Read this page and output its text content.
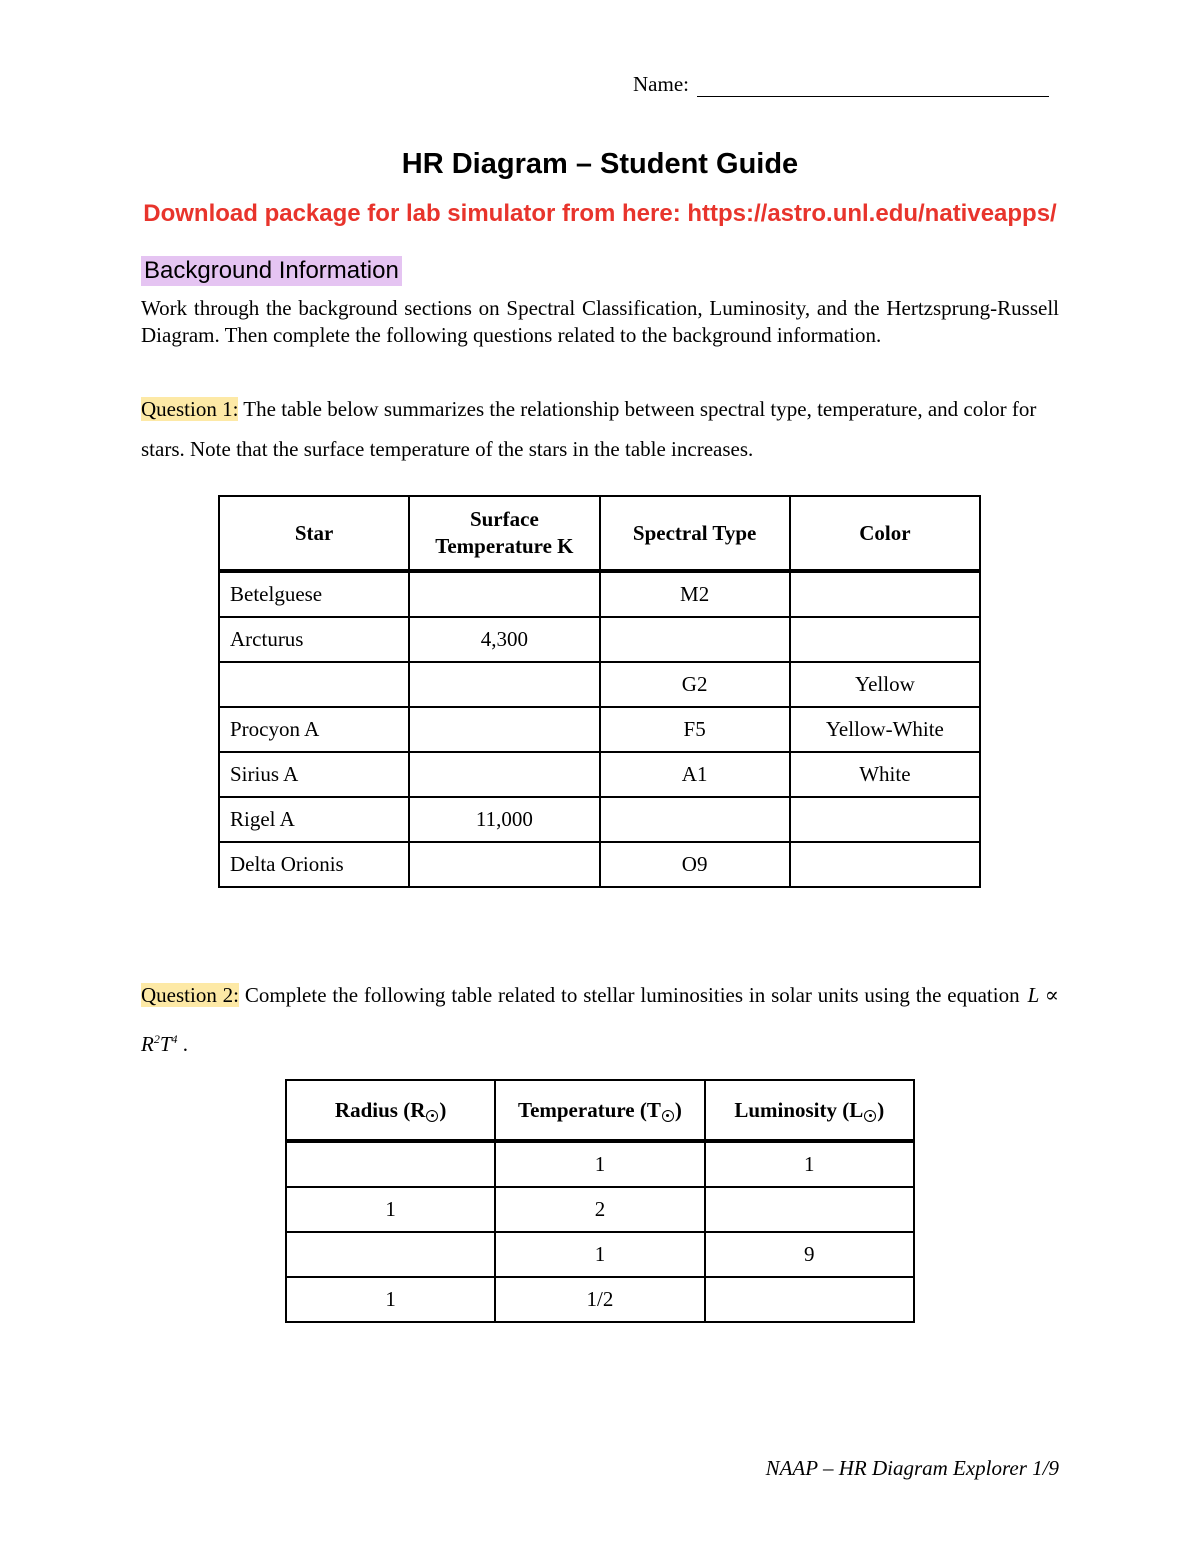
Name:
HR Diagram – Student Guide
Download package for lab simulator from here: https://astro.unl.edu/nativeapps/
Background Information
Work through the background sections on Spectral Classification, Luminosity, and the Hertzsprung-Russell Diagram. Then complete the following questions related to the background information.
Question 1: The table below summarizes the relationship between spectral type, temperature, and color for stars. Note that the surface temperature of the stars in the table increases.
Star	Surface Temperature K	Spectral Type	Color
Betelguese		M2	
Arcturus	4,300		
		G2	Yellow
Procyon A		F5	Yellow-White
Sirius A		A1	White
Rigel A	11,000		
Delta Orionis		O9	
Question 2: Complete the following table related to stellar luminosities in solar units using the equation $L \propto R^2T^4$ .
Radius (R )	Temperature (T )	Luminosity (L )
	1	1
1	2	
	1	9
1	1/2	
NAAP – HR Diagram Explorer 1/9
